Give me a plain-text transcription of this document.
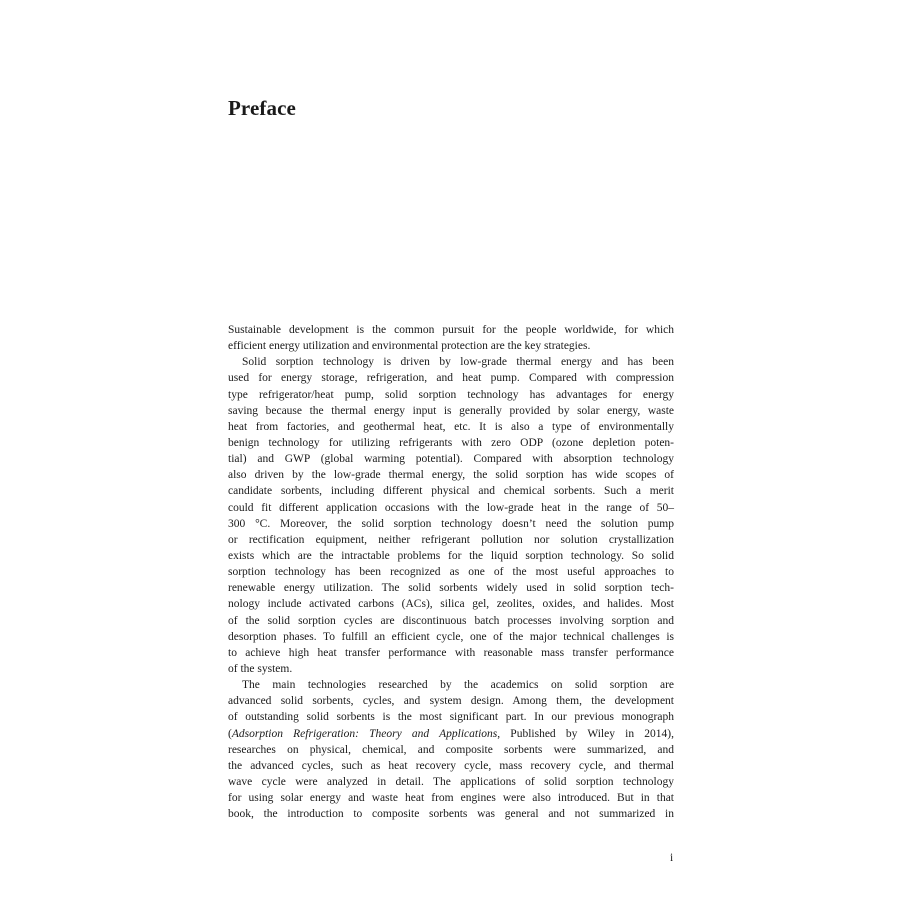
Preface
Sustainable development is the common pursuit for the people worldwide, for which
efficient energy utilization and environmental protection are the key strategies.
Solid sorption technology is driven by low-grade thermal energy and has been
used for energy storage, refrigeration, and heat pump. Compared with compression
type refrigerator/heat pump, solid sorption technology has advantages for energy
saving because the thermal energy input is generally provided by solar energy, waste
heat from factories, and geothermal heat, etc. It is also a type of environmentally
benign technology for utilizing refrigerants with zero ODP (ozone depletion poten-
tial) and GWP (global warming potential). Compared with absorption technology
also driven by the low-grade thermal energy, the solid sorption has wide scopes of
candidate sorbents, including different physical and chemical sorbents. Such a merit
could fit different application occasions with the low-grade heat in the range of 50–
300 °C. Moreover, the solid sorption technology doesn’t need the solution pump
or rectification equipment, neither refrigerant pollution nor solution crystallization
exists which are the intractable problems for the liquid sorption technology. So solid
sorption technology has been recognized as one of the most useful approaches to
renewable energy utilization. The solid sorbents widely used in solid sorption tech-
nology include activated carbons (ACs), silica gel, zeolites, oxides, and halides. Most
of the solid sorption cycles are discontinuous batch processes involving sorption and
desorption phases. To fulfill an efficient cycle, one of the major technical challenges is
to achieve high heat transfer performance with reasonable mass transfer performance
of the system.
The main technologies researched by the academics on solid sorption are
advanced solid sorbents, cycles, and system design. Among them, the development
of outstanding solid sorbents is the most significant part. In our previous monograph
(Adsorption Refrigeration: Theory and Applications, Published by Wiley in 2014),
researches on physical, chemical, and composite sorbents were summarized, and
the advanced cycles, such as heat recovery cycle, mass recovery cycle, and thermal
wave cycle were analyzed in detail. The applications of solid sorption technology
for using solar energy and waste heat from engines were also introduced. But in that
book, the introduction to composite sorbents was general and not summarized in
i
